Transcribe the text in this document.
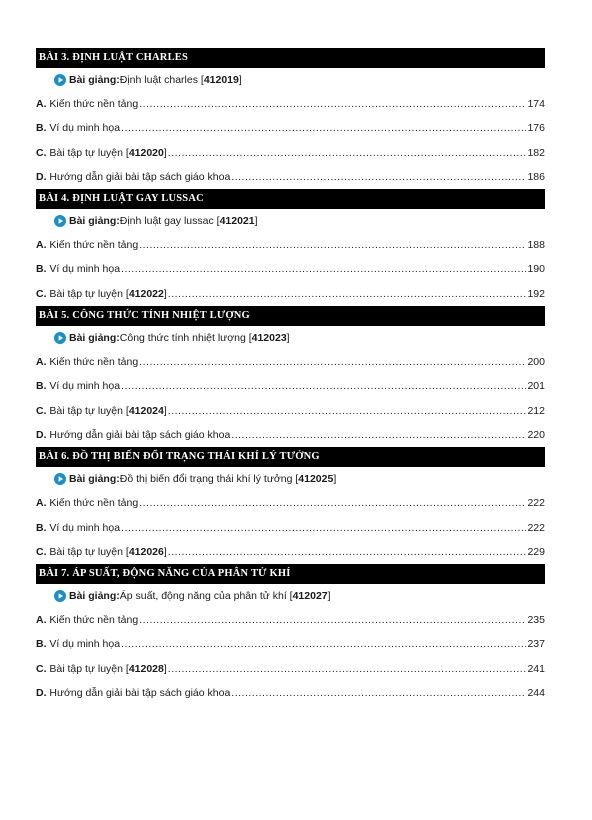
BÀI 3. ĐỊNH LUẬT CHARLES
Bài giảng: Định luật charles [ 412019 ]
A. Kiến thức nền tảng .....	174
B. Ví dụ minh họa .....	176
C. Bài tập tự luyện [412020] .....	182
D. Hướng dẫn giải bài tập sách giáo khoa .....	186
BÀI 4. ĐỊNH LUẬT GAY LUSSAC
Bài giảng: Định luật gay lussac [ 412021 ]
A. Kiến thức nền tảng .....	188
B. Ví dụ minh họa .....	190
C. Bài tập tự luyện [412022] .....	192
BÀI 5. CÔNG THỨC TÍNH NHIỆT LƯỢNG
Bài giảng: Công thức tính nhiệt lượng [ 412023 ]
A. Kiến thức nền tảng .....	200
B. Ví dụ minh họa .....	201
C. Bài tập tự luyện [412024] .....	212
D. Hướng dẫn giải bài tập sách giáo khoa .....	220
BÀI 6. ĐỒ THỊ BIẾN ĐỔI TRẠNG THÁI KHÍ LÝ TƯỞNG
Bài giảng: Đồ thị biến đổi trạng thái khí lý tưởng [ 412025 ]
A. Kiến thức nền tảng .....	222
B. Ví dụ minh họa .....	222
C. Bài tập tự luyện [412026] .....	229
BÀI 7. ÁP SUẤT, ĐỘNG NĂNG CỦA PHÂN TỬ KHÍ
Bài giảng: Áp suất, động năng của phân tử khí [ 412027 ]
A. Kiến thức nền tảng .....	235
B. Ví dụ minh họa .....	237
C. Bài tập tự luyện [412028] .....	241
D. Hướng dẫn giải bài tập sách giáo khoa .....	244
